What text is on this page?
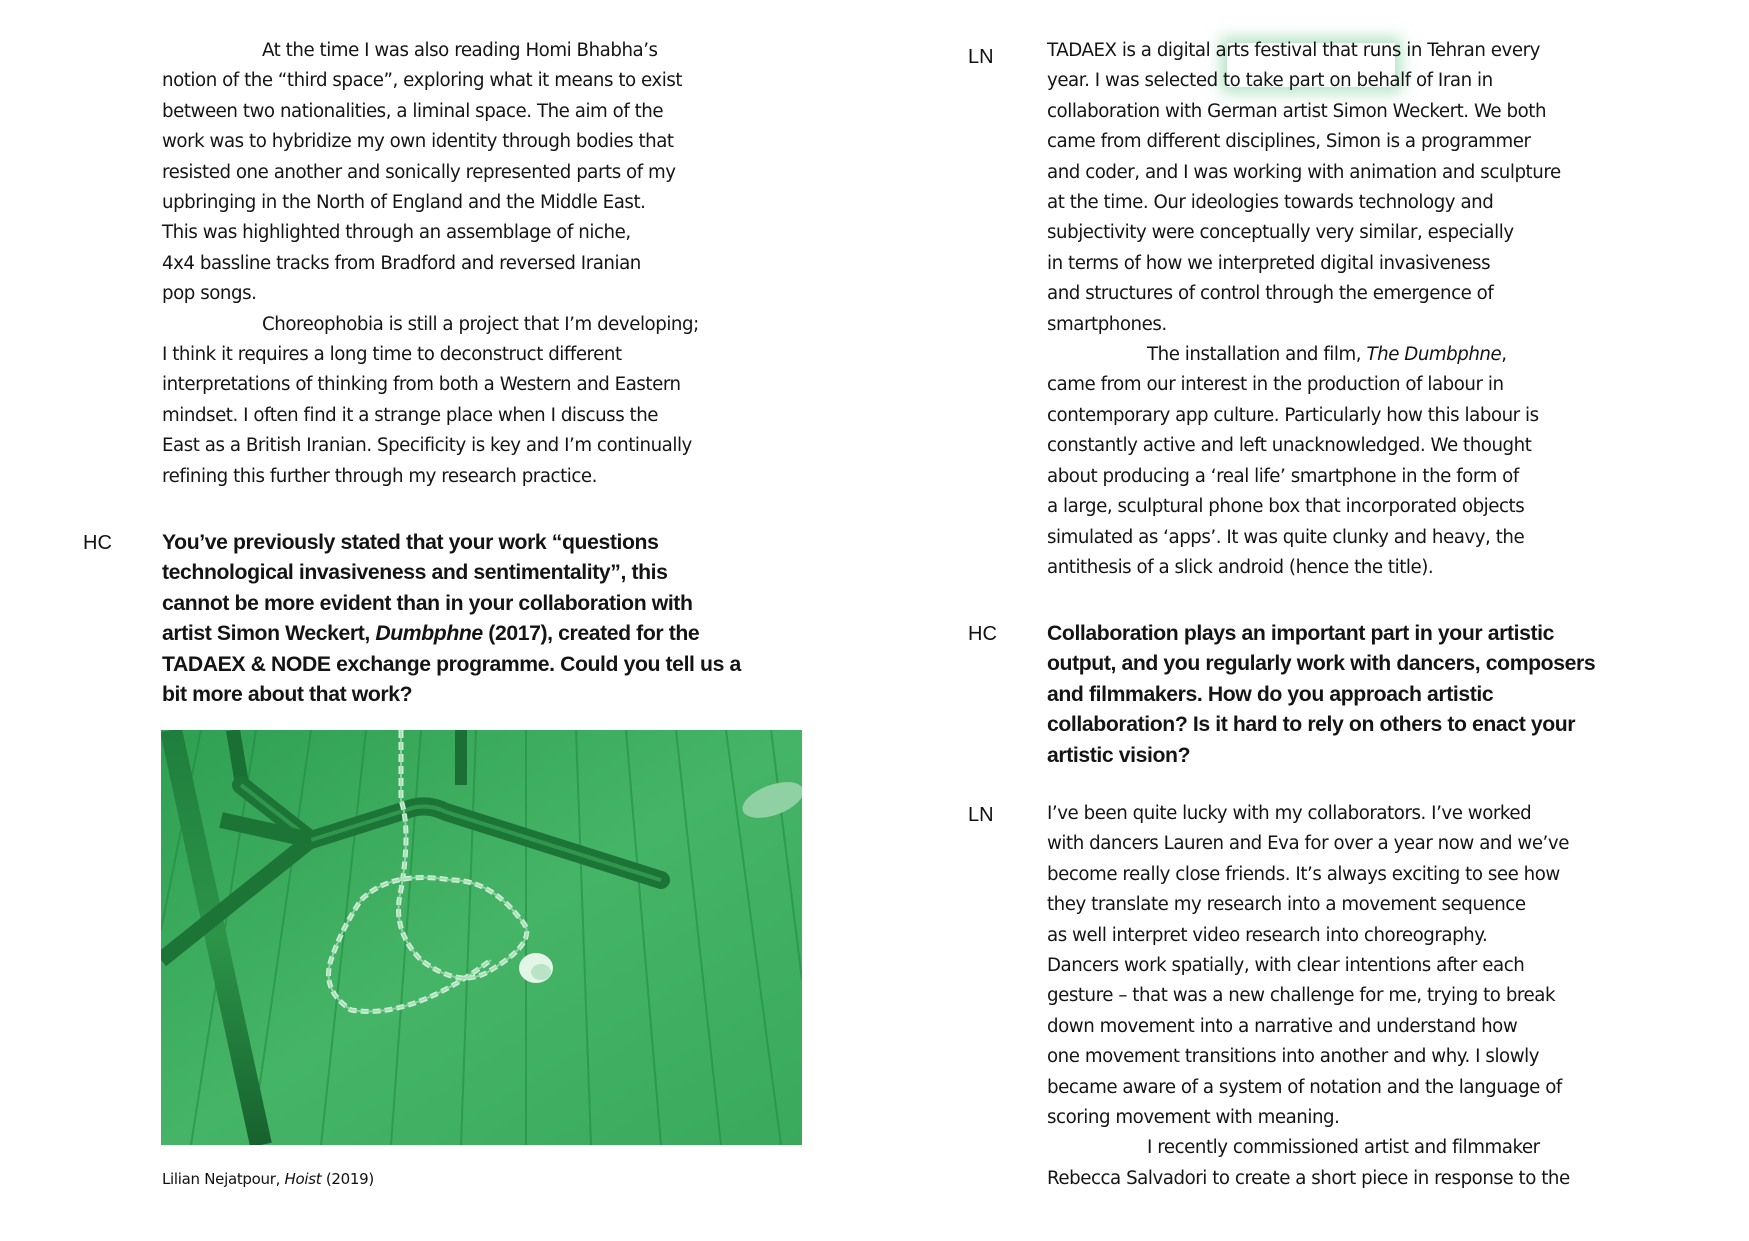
At the time I was also reading Homi Bhabha’s
notion of the “third space”, exploring what it means to exist
between two nationalities, a liminal space. The aim of the
work was to hybridize my own identity through bodies that
resisted one another and sonically represented parts of my
upbringing in the North of England and the Middle East.
This was highlighted through an assemblage of niche,
4x4 bassline tracks from Bradford and reversed Iranian
pop songs.
Choreophobia is still a project that I’m developing;
I think it requires a long time to deconstruct different
interpretations of thinking from both a Western and Eastern
mindset. I often find it a strange place when I discuss the
East as a British Iranian. Specificity is key and I’m continually
refining this further through my research practice.
HC You’ve previously stated that your work “questions
technological invasiveness and sentimentality”, this
cannot be more evident than in your collaboration with
artist Simon Weckert, Dumbphne (2017), created for the
TADAEX & NODE exchange programme. Could you tell us a
bit more about that work?
Lilian Nejatpour, Hoist (2019)
LN	TADAEX is a digital arts festival that runs in Tehran every
year. I was selected to take part on behalf of Iran in
collaboration with German artist Simon Weckert. We both
came from different disciplines, Simon is a programmer
and coder, and I was working with animation and sculpture
at the time. Our ideologies towards technology and
subjectivity were conceptually very similar, especially
in terms of how we interpreted digital invasiveness
and structures of control through the emergence of
smartphones.
The installation and film, The Dumbphne,
came from our interest in the production of labour in
contemporary app culture. Particularly how this labour is
constantly active and left unacknowledged. We thought
about producing a ‘real life’ smartphone in the form of
a large, sculptural phone box that incorporated objects
simulated as ‘apps’. It was quite clunky and heavy, the
antithesis of a slick android (hence the title).
HC Collaboration plays an important part in your artistic
output, and you regularly work with dancers, composers
and filmmakers. How do you approach artistic
collaboration? Is it hard to rely on others to enact your
artistic vision?
LN	I’ve been quite lucky with my collaborators. I’ve worked
with dancers Lauren and Eva for over a year now and we’ve
become really close friends. It’s always exciting to see how
they translate my research into a movement sequence
as well interpret video research into choreography.
Dancers work spatially, with clear intentions after each
gesture – that was a new challenge for me, trying to break
down movement into a narrative and understand how
one movement transitions into another and why. I slowly
became aware of a system of notation and the language of
scoring movement with meaning.
I recently commissioned artist and filmmaker
Rebecca Salvadori to create a short piece in response to the
